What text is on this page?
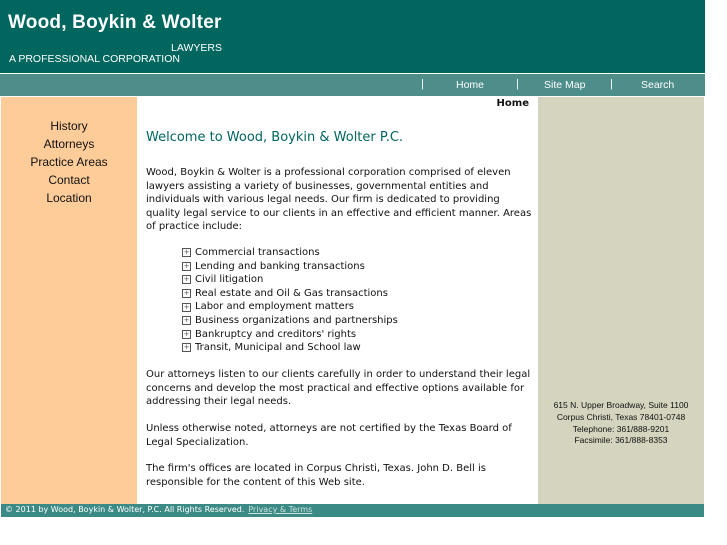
Wood, Boykin & Wolter
LAWYERS
A PROFESSIONAL CORPORATION
|	Home	| Site Map |	Search
History
Attorneys
Practice Areas
Contact
Location
Home
Welcome to Wood, Boykin & Wolter P.C.
Wood, Boykin & Wolter is a professional corporation comprised of eleven lawyers assisting a variety of businesses, governmental entities and individuals with various legal needs. Our firm is dedicated to providing quality legal service to our clients in an effective and efficient manner. Areas of practice include:
+ Commercial transactions
+ Lending and banking transactions
+ Civil litigation
+ Real estate and Oil & Gas transactions
+ Labor and employment matters
+ Business organizations and partnerships
+ Bankruptcy and creditors' rights
+ Transit, Municipal and School law
Our attorneys listen to our clients carefully in order to understand their legal concerns and develop the most practical and effective options available for addressing their legal needs.
Unless otherwise noted, attorneys are not certified by the Texas Board of Legal Specialization.
The firm's offices are located in Corpus Christi, Texas. John D. Bell is responsible for the content of this Web site.
615 N. Upper Broadway, Suite 1100
Corpus Christi, Texas 78401-0748
Telephone: 361/888-9201
Facsimile: 361/888-8353
© 2011 by Wood, Boykin & Wolter, P.C. All Rights Reserved. Privacy & Terms
